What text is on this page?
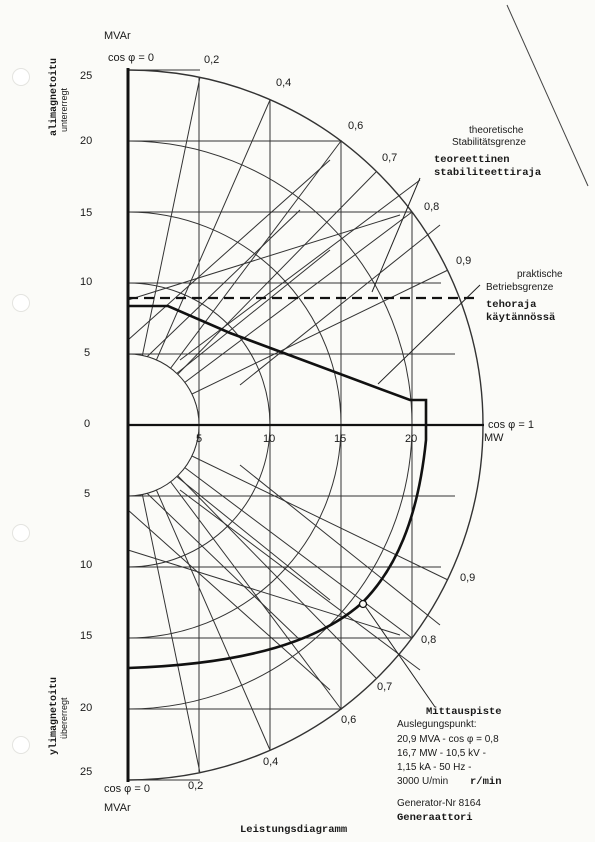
MVAr
MVAr
MW
25
20
15
10
5
0
5
10
15
20
25
5	10	15	20
cos φ = 0
cos φ = 0
cos φ = 1
0,2
0,4
0,6
0,7
0,8
0,9
0,9
0,8
0,7
0,6
0,4
0,2
alimagnetoitu untererregt
ylimagnetoitu übererregt
theoretische
Stabilitätsgrenze
teoreettinen
stabiliteettiraja
praktische
Betriebsgrenze
tehoraja
käytännössä
Mittauspiste
Auslegungspunkt:
20,9 MVA - cos φ = 0,8
16,7 MW - 10,5 kV -
1,15 kA - 50 Hz -
3000 U/min r/min
Generator-Nr 8164
Generaattori
Leistungsdiagramm
